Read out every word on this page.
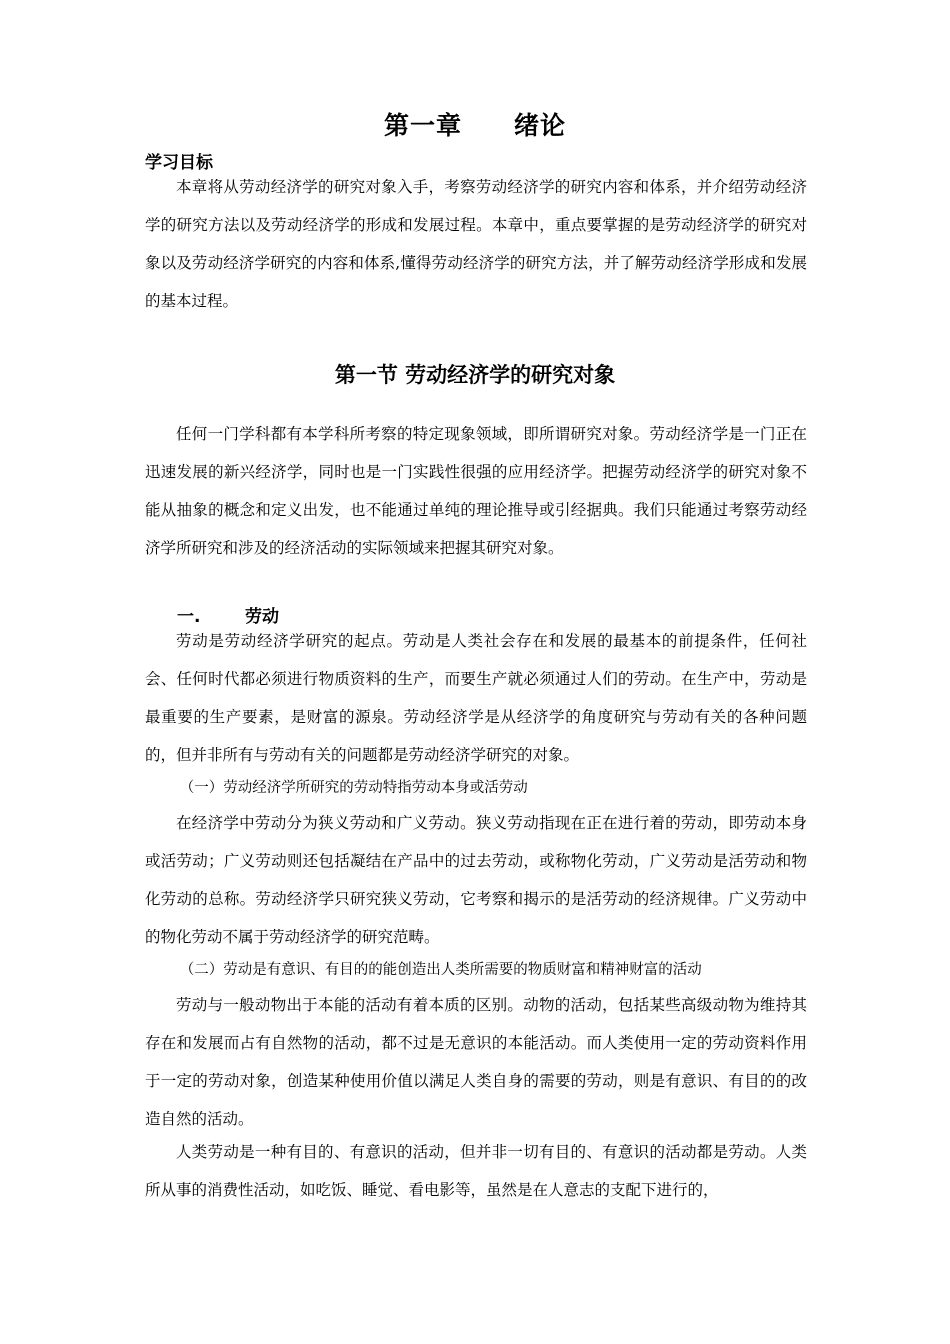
第一章　　绪论
学习目标

本章将从劳动经济学的研究对象入手，考察劳动经济学的研究内容和体系，并介绍劳动经济学的研究方法以及劳动经济学的形成和发展过程。本章中，重点要掌握的是劳动经济学的研究对象以及劳动经济学研究的内容和体系,懂得劳动经济学的研究方法，并了解劳动经济学形成和发展的基本过程。

第一节 劳动经济学的研究对象

任何一门学科都有本学科所考察的特定现象领域，即所谓研究对象。劳动经济学是一门正在迅速发展的新兴经济学，同时也是一门实践性很强的应用经济学。把握劳动经济学的研究对象不能从抽象的概念和定义出发，也不能通过单纯的理论推导或引经据典。我们只能通过考察劳动经济学所研究和涉及的经济活动的实际领域来把握其研究对象。

一.	劳动

劳动是劳动经济学研究的起点。劳动是人类社会存在和发展的最基本的前提条件，任何社会、任何时代都必须进行物质资料的生产，而要生产就必须通过人们的劳动。在生产中，劳动是最重要的生产要素，是财富的源泉。劳动经济学是从经济学的角度研究与劳动有关的各种问题的，但并非所有与劳动有关的问题都是劳动经济学研究的对象。

（一）劳动经济学所研究的劳动特指劳动本身或活劳动

在经济学中劳动分为狭义劳动和广义劳动。狭义劳动指现在正在进行着的劳动，即劳动本身或活劳动；广义劳动则还包括凝结在产品中的过去劳动，或称物化劳动，广义劳动是活劳动和物化劳动的总称。劳动经济学只研究狭义劳动，它考察和揭示的是活劳动的经济规律。广义劳动中的物化劳动不属于劳动经济学的研究范畴。

（二）劳动是有意识、有目的的能创造出人类所需要的物质财富和精神财富的活动

劳动与一般动物出于本能的活动有着本质的区别。动物的活动，包括某些高级动物为维持其存在和发展而占有自然物的活动，都不过是无意识的本能活动。而人类使用一定的劳动资料作用于一定的劳动对象，创造某种使用价值以满足人类自身的需要的劳动，则是有意识、有目的的改造自然的活动。

人类劳动是一种有目的、有意识的活动，但并非一切有目的、有意识的活动都是劳动。人类所从事的消费性活动，如吃饭、睡觉、看电影等，虽然是在人意志的支配下进行的，
